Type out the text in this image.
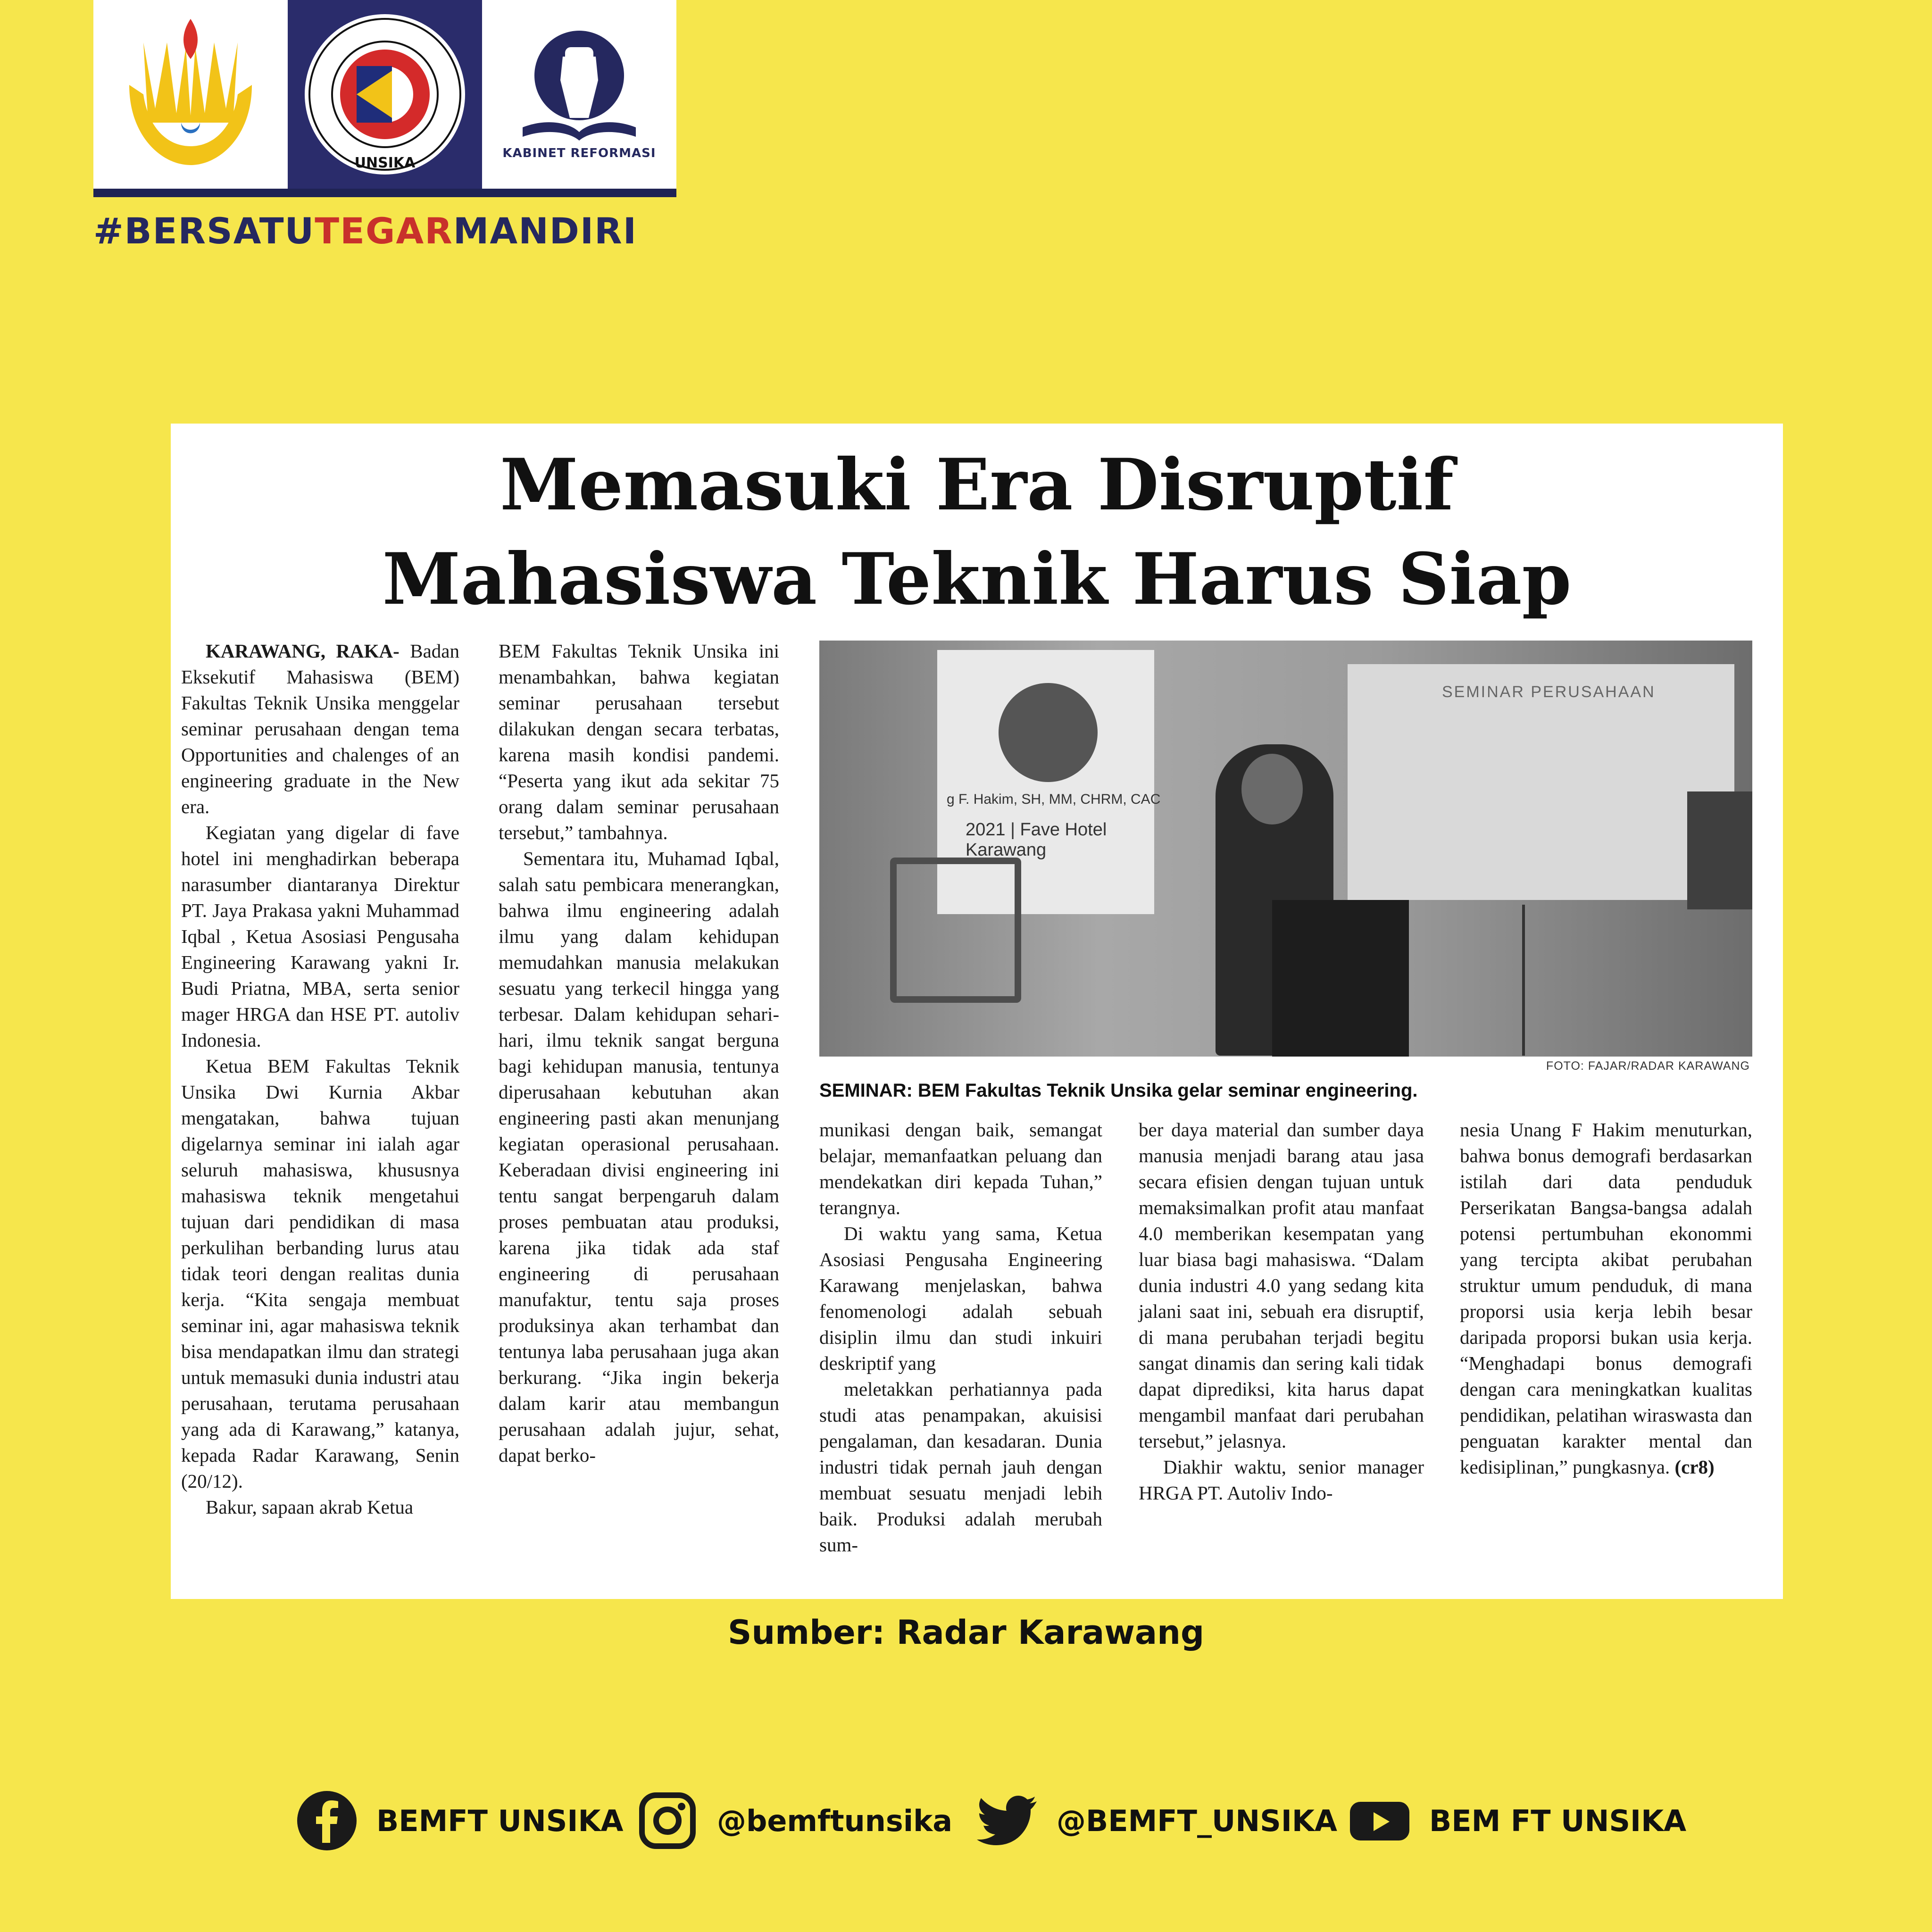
UNSIKA
KABINET REFORMASI
#BERSATUTEGARMANDIRI
Memasuki Era Disruptif
Mahasiswa Teknik Harus Siap

KARAWANG, RAKA- Badan Eksekutif Mahasiswa (BEM) Fakultas Teknik Unsika menggelar seminar perusahaan dengan tema Opportunities and chalenges of an engineering graduate in the New era.

Kegiatan yang digelar di fave hotel ini menghadirkan beberapa narasumber diantaranya Direktur PT. Jaya Prakasa yakni Muhammad Iqbal , Ketua Asosiasi Pengusaha Engineering Karawang yakni Ir. Budi Priatna, MBA, serta senior mager HRGA dan HSE PT. autoliv Indonesia.

Ketua BEM Fakultas Teknik Unsika Dwi Kurnia Akbar mengatakan, bahwa tujuan digelarnya seminar ini ialah agar seluruh mahasiswa, khususnya mahasiswa teknik mengetahui tujuan dari pendidikan di masa perkulihan berbanding lurus atau tidak teori dengan realitas dunia kerja. “Kita sengaja membuat seminar ini, agar mahasiswa teknik bisa mendapatkan ilmu dan strategi untuk memasuki dunia industri atau perusahaan, terutama perusahaan yang ada di Karawang,” katanya, kepada Radar Karawang, Senin (20/12).

Bakur, sapaan akrab Ketua

BEM Fakultas Teknik Unsika ini menambahkan, bahwa kegiatan seminar perusahaan tersebut dilakukan dengan secara terbatas, karena masih kondisi pandemi. “Peserta yang ikut ada sekitar 75 orang dalam seminar perusahaan tersebut,” tambahnya.

Sementara itu, Muhamad Iqbal, salah satu pembicara menerangkan, bahwa ilmu engineering adalah ilmu yang dalam kehidupan memudahkan manusia melakukan sesuatu yang terkecil hingga yang terbesar. Dalam kehidupan sehari-hari, ilmu teknik sangat berguna bagi kehidupan manusia, tentunya diperusahaan kebutuhan akan engineering pasti akan menunjang kegiatan operasional perusahaan. Keberadaan divisi engineering ini tentu sangat berpengaruh dalam proses pembuatan atau produksi, karena jika tidak ada staf engineering di perusahaan manufaktur, tentu saja proses produksinya akan terhambat dan tentunya laba perusahaan juga akan berkurang. “Jika ingin bekerja dalam karir atau membangun perusahaan adalah jujur, sehat, dapat berko-

g F. Hakim, SH, MM, CHRM, CAC
2021 | Fave Hotel Karawang
SEMINAR PERUSAHAAN
FOTO: FAJAR/RADAR KARAWANG
SEMINAR: BEM Fakultas Teknik Unsika gelar seminar engineering.

munikasi dengan baik, semangat belajar, memanfaatkan peluang dan mendekatkan diri kepada Tuhan,” terangnya.

Di waktu yang sama, Ketua Asosiasi Pengusaha Engineering Karawang menjelaskan, bahwa fenomenologi adalah sebuah disiplin ilmu dan studi inkuiri deskriptif yang

meletakkan perhatiannya pada studi atas penampakan, akuisisi pengalaman, dan kesadaran. Dunia industri tidak pernah jauh dengan membuat sesuatu menjadi lebih baik. Produksi adalah merubah sum-

ber daya material dan sumber daya manusia menjadi barang atau jasa secara efisien dengan tujuan untuk memaksimalkan profit atau manfaat 4.0 memberikan kesempatan yang luar biasa bagi mahasiswa. “Dalam dunia industri 4.0 yang sedang kita jalani saat ini, sebuah era disruptif, di mana perubahan terjadi begitu sangat dinamis dan sering kali tidak dapat diprediksi, kita harus dapat mengambil manfaat dari perubahan tersebut,” jelasnya.

Diakhir waktu, senior manager HRGA PT. Autoliv Indo-

nesia Unang F Hakim menuturkan, bahwa bonus demografi berdasarkan istilah dari data penduduk Perserikatan Bangsa-bangsa adalah potensi pertumbuhan ekonommi yang tercipta akibat perubahan struktur umum penduduk, di mana proporsi usia kerja lebih besar daripada proporsi bukan usia kerja. “Menghadapi bonus demografi dengan cara meningkatkan kualitas pendidikan, pelatihan wiraswasta dan penguatan karakter mental dan kedisiplinan,” pungkasnya. (cr8)

Sumber: Radar Karawang
BEMFT UNSIKA	@bemftunsika	@BEMFT_UNSIKA	BEM FT UNSIKA
